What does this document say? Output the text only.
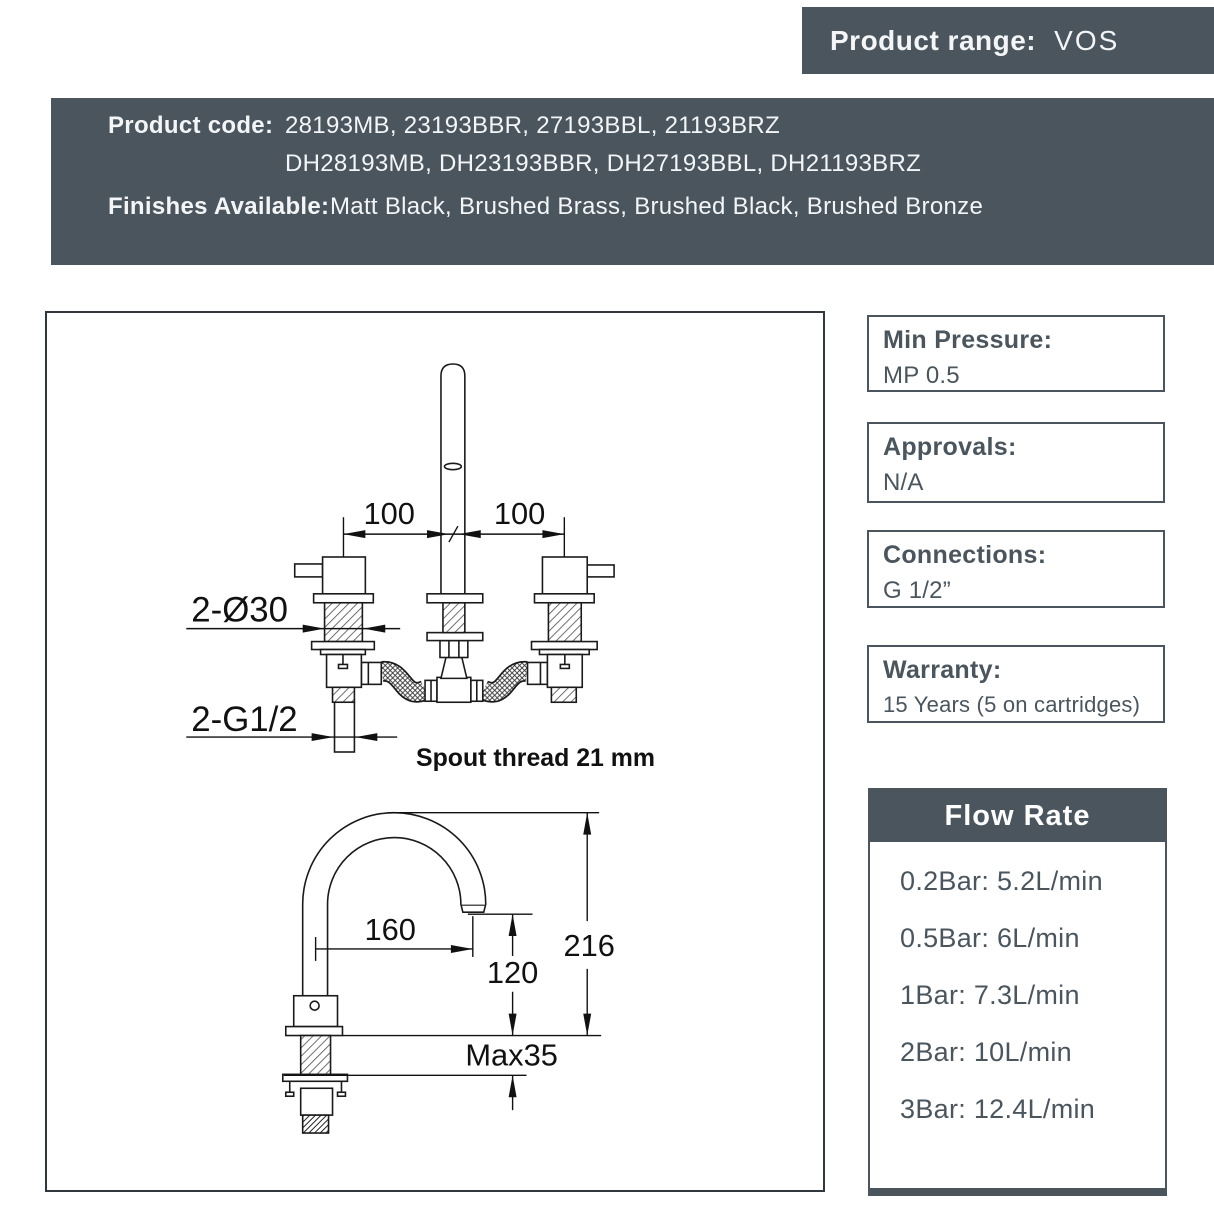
Product range: VOS
Product code: 28193MB, 23193BBR, 27193BBL, 21193BRZ
DH28193MB, DH23193BBR, DH27193BBL, DH21193BRZ
Finishes Available: Matt Black, Brushed Brass, Brushed Black, Brushed Bronze
100	100
2-Ø30
2-G1/2
Spout thread 21 mm
160
120
216
Max35
Min Pressure:
MP 0.5
Approvals:
N/A
Connections:
G 1/2”
Warranty:
15 Years (5 on cartridges)
Flow Rate
0.2Bar: 5.2L/min
0.5Bar: 6L/min
1Bar: 7.3L/min
2Bar: 10L/min
3Bar: 12.4L/min
